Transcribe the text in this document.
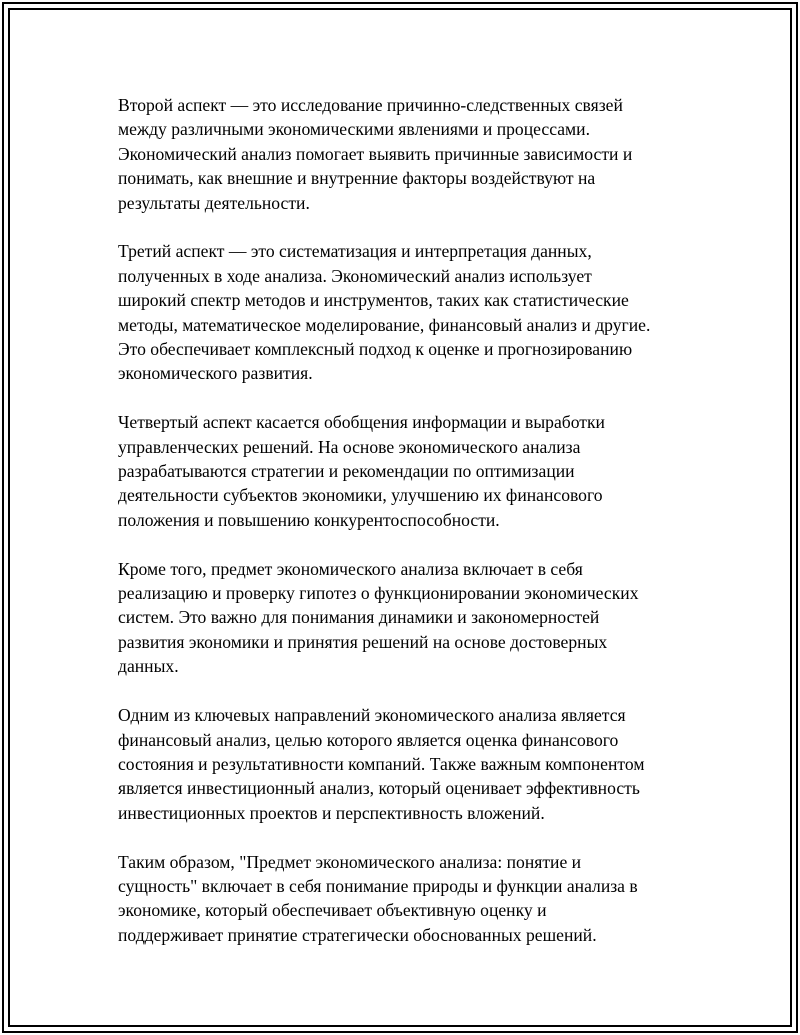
Второй аспект — это исследование причинно-следственных связей
между различными экономическими явлениями и процессами.
Экономический анализ помогает выявить причинные зависимости и
понимать, как внешние и внутренние факторы воздействуют на
результаты деятельности.

Третий аспект — это систематизация и интерпретация данных,
полученных в ходе анализа. Экономический анализ использует
широкий спектр методов и инструментов, таких как статистические
методы, математическое моделирование, финансовый анализ и другие.
Это обеспечивает комплексный подход к оценке и прогнозированию
экономического развития.

Четвертый аспект касается обобщения информации и выработки
управленческих решений. На основе экономического анализа
разрабатываются стратегии и рекомендации по оптимизации
деятельности субъектов экономики, улучшению их финансового
положения и повышению конкурентоспособности.

Кроме того, предмет экономического анализа включает в себя
реализацию и проверку гипотез о функционировании экономических
систем. Это важно для понимания динамики и закономерностей
развития экономики и принятия решений на основе достоверных
данных.

Одним из ключевых направлений экономического анализа является
финансовый анализ, целью которого является оценка финансового
состояния и результативности компаний. Также важным компонентом
является инвестиционный анализ, который оценивает эффективность
инвестиционных проектов и перспективность вложений.

Таким образом, "Предмет экономического анализа: понятие и
сущность" включает в себя понимание природы и функции анализа в
экономике, который обеспечивает объективную оценку и
поддерживает принятие стратегически обоснованных решений.
